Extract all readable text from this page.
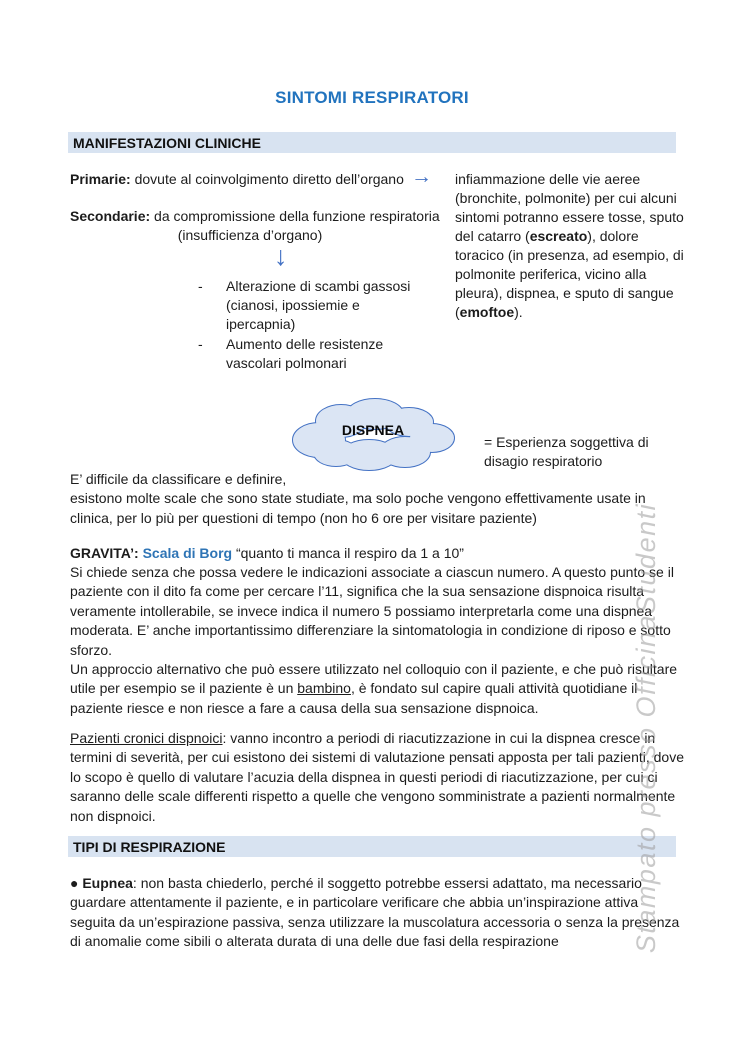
SINTOMI RESPIRATORI
MANIFESTAZIONI CLINICHE
Primarie: dovute al coinvolgimento diretto dell’organo → infiammazione delle vie aeree (bronchite, polmonite) per cui alcuni sintomi potranno essere tosse, sputo del catarro (escreato), dolore toracico (in presenza, ad esempio, di polmonite periferica, vicino alla pleura), dispnea, e sputo di sangue (emoftoe).
Secondarie: da compromissione della funzione respiratoria
(insufficienza d’organo)
↓
-	Alterazione di scambi gassosi (cianosi, ipossiemie e ipercapnia)
-	Aumento delle resistenze vascolari polmonari
DISPNEA
= Esperienza soggettiva di disagio respiratorio
E’ difficile da classificare e definire,
esistono molte scale che sono state studiate, ma solo poche vengono effettivamente usate in clinica, per lo più per questioni di tempo (non ho 6 ore per visitare paziente)
GRAVITA’: Scala di Borg “quanto ti manca il respiro da 1 a 10”
Si chiede senza che possa vedere le indicazioni associate a ciascun numero. A questo punto se il paziente con il dito fa come per cercare l’11, significa che la sua sensazione dispnoica risulta veramente intollerabile, se invece indica il numero 5 possiamo interpretarla come una dispnea moderata. E’ anche importantissimo differenziare la sintomatologia in condizione di riposo e sotto sforzo.
Un approccio alternativo che può essere utilizzato nel colloquio con il paziente, e che può risultare utile per esempio se il paziente è un bambino, è fondato sul capire quali attività quotidiane il paziente riesce e non riesce a fare a causa della sua sensazione dispnoica.
Pazienti cronici dispnoici: vanno incontro a periodi di riacutizzazione in cui la dispnea cresce in termini di severità, per cui esistono dei sistemi di valutazione pensati apposta per tali pazienti, dove lo scopo è quello di valutare l’acuzia della dispnea in questi periodi di riacutizzazione, per cui ci saranno delle scale differenti rispetto a quelle che vengono somministrate a pazienti normalmente non dispnoici.
TIPI DI RESPIRAZIONE
● Eupnea: non basta chiederlo, perché il soggetto potrebbe essersi adattato, ma necessario guardare attentamente il paziente, e in particolare verificare che abbia un’inspirazione attiva seguita da un’espirazione passiva, senza utilizzare la muscolatura accessoria o senza la presenza di anomalie come sibili o alterata durata di una delle due fasi della respirazione	Stampato presso OfficinaStudenti
